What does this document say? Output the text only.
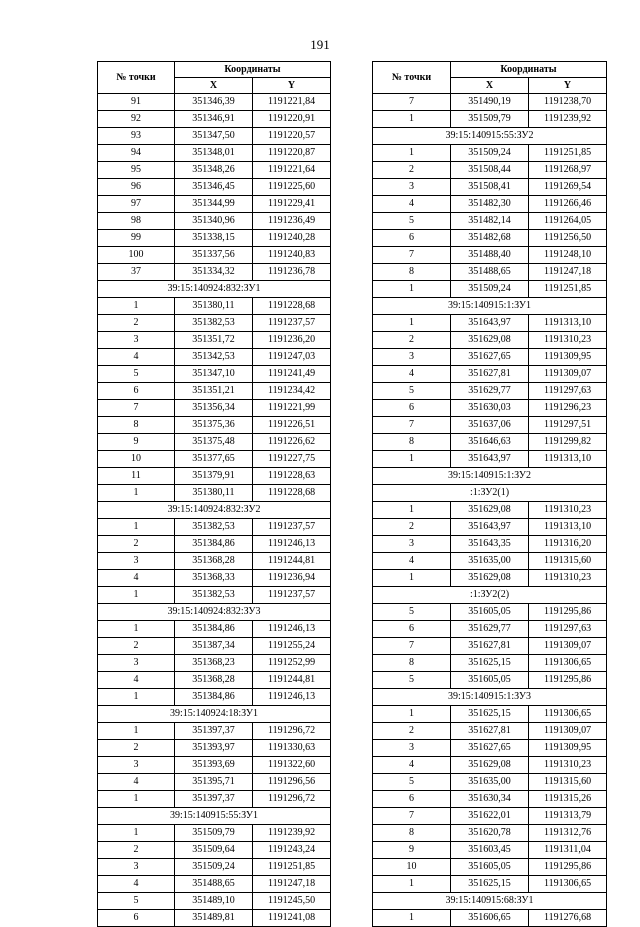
191
№ точки	Координаты	
	X	Y
91	351346,39	1191221,84
92	351346,91	1191220,91
93	351347,50	1191220,57
94	351348,01	1191220,87
95	351348,26	1191221,64
96	351346,45	1191225,60
97	351344,99	1191229,41
98	351340,96	1191236,49
99	351338,15	1191240,28
100	351337,56	1191240,83
37	351334,32	1191236,78
39:15:140924:832:ЗУ1		
1	351380,11	1191228,68
2	351382,53	1191237,57
3	351351,72	1191236,20
4	351342,53	1191247,03
5	351347,10	1191241,49
6	351351,21	1191234,42
7	351356,34	1191221,99
8	351375,36	1191226,51
9	351375,48	1191226,62
10	351377,65	1191227,75
11	351379,91	1191228,63
1	351380,11	1191228,68
39:15:140924:832:ЗУ2		
1	351382,53	1191237,57
2	351384,86	1191246,13
3	351368,28	1191244,81
4	351368,33	1191236,94
1	351382,53	1191237,57
39:15:140924:832:ЗУ3		
1	351384,86	1191246,13
2	351387,34	1191255,24
3	351368,23	1191252,99
4	351368,28	1191244,81
1	351384,86	1191246,13
39:15:140924:18:ЗУ1		
1	351397,37	1191296,72
2	351393,97	1191330,63
3	351393,69	1191322,60
4	351395,71	1191296,56
1	351397,37	1191296,72
39:15:140915:55:ЗУ1		
1	351509,79	1191239,92
2	351509,64	1191243,24
3	351509,24	1191251,85
4	351488,65	1191247,18
5	351489,10	1191245,50
6	351489,81	1191241,08
№ точки	Координаты	
	X	Y
7	351490,19	1191238,70
1	351509,79	1191239,92
39:15:140915:55:ЗУ2		
1	351509,24	1191251,85
2	351508,44	1191268,97
3	351508,41	1191269,54
4	351482,30	1191266,46
5	351482,14	1191264,05
6	351482,68	1191256,50
7	351488,40	1191248,10
8	351488,65	1191247,18
1	351509,24	1191251,85
39:15:140915:1:ЗУ1		
1	351643,97	1191313,10
2	351629,08	1191310,23
3	351627,65	1191309,95
4	351627,81	1191309,07
5	351629,77	1191297,63
6	351630,03	1191296,23
7	351637,06	1191297,51
8	351646,63	1191299,82
1	351643,97	1191313,10
39:15:140915:1:ЗУ2		
:1:ЗУ2(1)		
1	351629,08	1191310,23
2	351643,97	1191313,10
3	351643,35	1191316,20
4	351635,00	1191315,60
1	351629,08	1191310,23
:1:ЗУ2(2)		
5	351605,05	1191295,86
6	351629,77	1191297,63
7	351627,81	1191309,07
8	351625,15	1191306,65
5	351605,05	1191295,86
39:15:140915:1:ЗУ3		
1	351625,15	1191306,65
2	351627,81	1191309,07
3	351627,65	1191309,95
4	351629,08	1191310,23
5	351635,00	1191315,60
6	351630,34	1191315,26
7	351622,01	1191313,79
8	351620,78	1191312,76
9	351603,45	1191311,04
10	351605,05	1191295,86
1	351625,15	1191306,65
39:15:140915:68:ЗУ1		
1	351606,65	1191276,68
